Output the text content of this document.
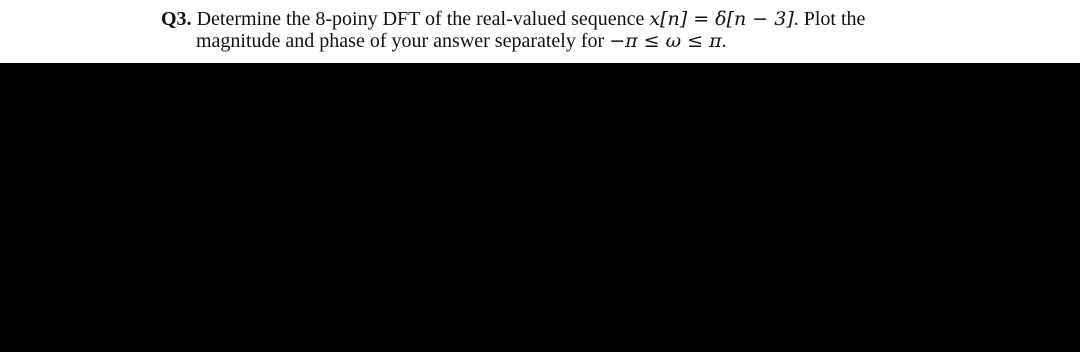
Q3. Determine the 8-poiny DFT of the real-valued sequence x[n] = δ[n − 3]. Plot the
magnitude and phase of your answer separately for −π ≤ ω ≤ π.
